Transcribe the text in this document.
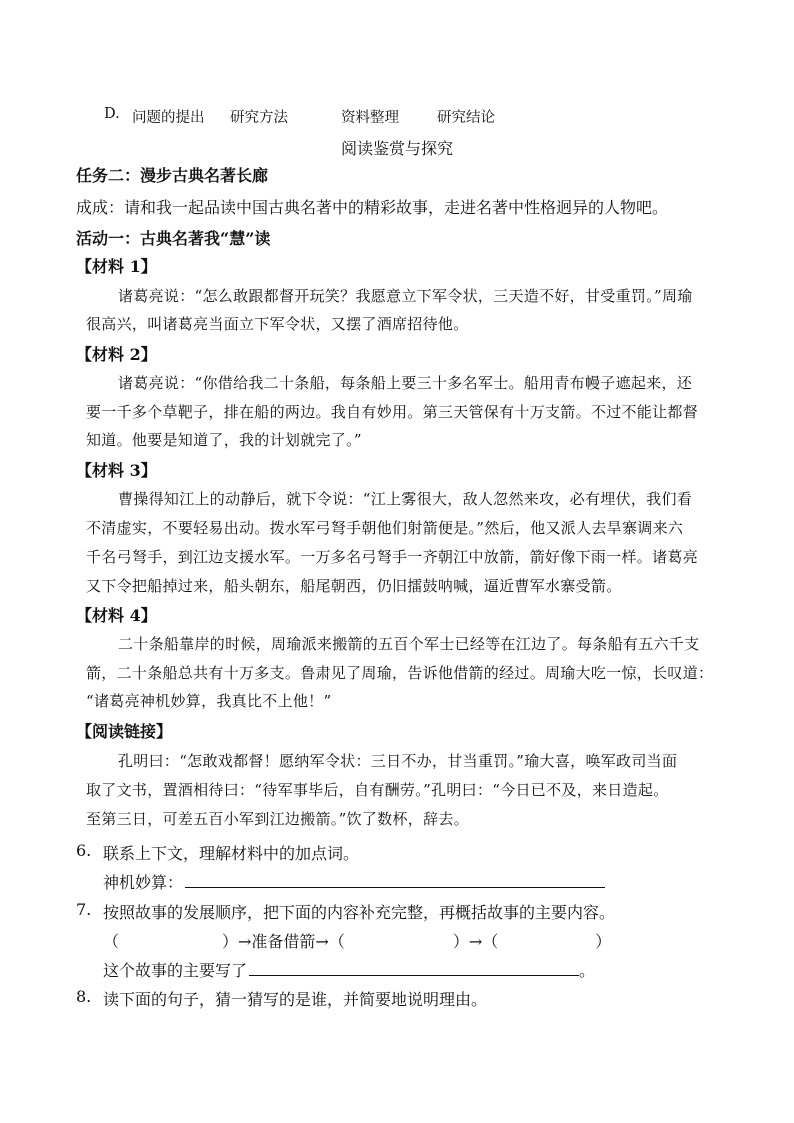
D. 问题的提出 研究方法	资料整理	研究结论
阅读鉴赏与探究
任务二：漫步古典名著长廊
成成：请和我一起品读中国古典名著中的精彩故事，走进名著中性格迥异的人物吧。
活动一：古典名著我“慧”读
【材料 1】
诸葛亮说：“怎么敢跟都督开玩笑？我愿意立下军令状，三天造不好，甘受重罚。”周瑜
很高兴，叫诸葛亮当面立下军令状，又摆了酒席招待他。
【材料 2】
诸葛亮说：“你借给我二十条船，每条船上要三十多名军士。船用青布幔子遮起来，还
要一千多个草靶子，排在船的两边。我自有妙用。第三天管保有十万支箭。不过不能让都督
知道。他要是知道了，我的计划就完了。”
【材料 3】
曹操得知江上的动静后，就下令说：“江上雾很大，敌人忽然来攻，必有埋伏，我们看
不清虚实，不要轻易出动。拨水军弓弩手朝他们射箭便是。”然后，他又派人去旱寨调来六
千名弓弩手，到江边支援水军。一万多名弓弩手一齐朝江中放箭，箭好像下雨一样。诸葛亮
又下令把船掉过来，船头朝东，船尾朝西，仍旧擂鼓呐喊，逼近曹军水寨受箭。
【材料 4】
二十条船靠岸的时候，周瑜派来搬箭的五百个军士已经等在江边了。每条船有五六千支
箭，二十条船总共有十万多支。鲁肃见了周瑜，告诉他借箭的经过。周瑜大吃一惊，长叹道：
“诸葛亮神机妙算，我真比不上他！”
【阅读链接】
孔明曰：“怎敢戏都督！愿纳军令状：三日不办，甘当重罚。”瑜大喜，唤军政司当面
取了文书，置酒相待曰：“待军事毕后，自有酬劳。”孔明曰：“今日已不及，来日造起。
至第三日，可差五百小军到江边搬箭。”饮了数杯，辞去。
6. 联系上下文，理解材料中的加点词。
神机妙算：
7. 按照故事的发展顺序，把下面的内容补充完整，再概括故事的主要内容。
（	）→准备借箭→（	）→（	）
这个故事的主要写了	。
8. 读下面的句子，猜一猜写的是谁，并简要地说明理由。
